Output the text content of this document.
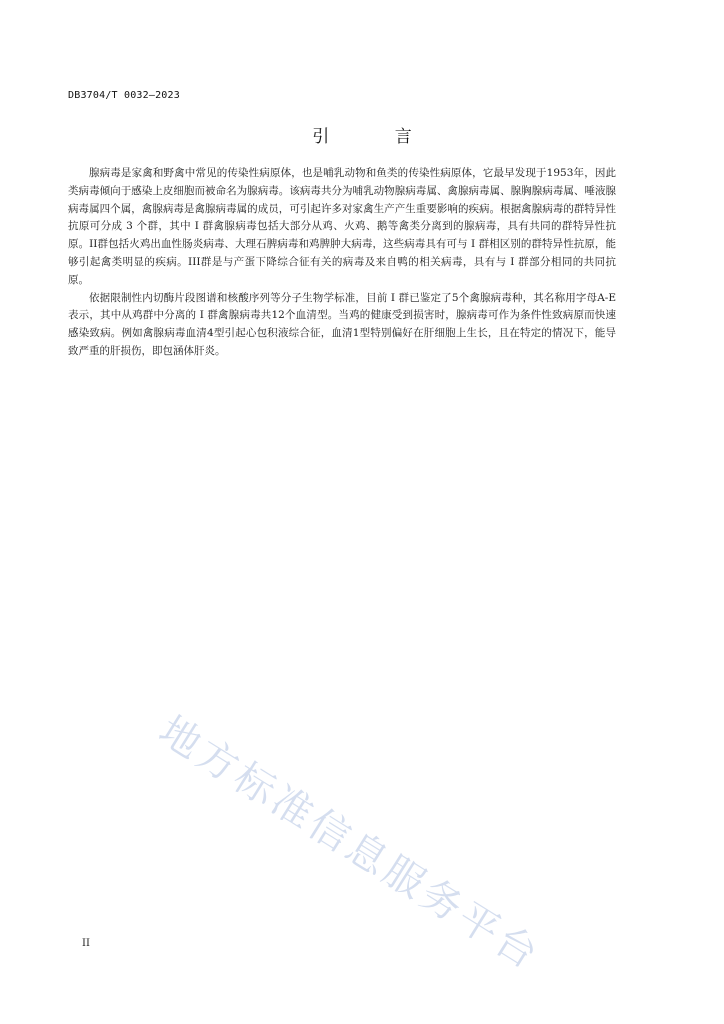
DB3704/T 0032—2023
引 言

腺病毒是家禽和野禽中常见的传染性病原体，也是哺乳动物和鱼类的传染性病原体，它最早发现于1953年，因此类病毒倾向于感染上皮细胞而被命名为腺病毒。该病毒共分为哺乳动物腺病毒属、禽腺病毒属、腺胸腺病毒属、唾液腺病毒属四个属，禽腺病毒是禽腺病毒属的成员，可引起许多对家禽生产产生重要影响的疾病。根据禽腺病毒的群特异性抗原可分成 3 个群，其中 I 群禽腺病毒包括大部分从鸡、火鸡、鹅等禽类分离到的腺病毒，具有共同的群特异性抗原。II群包括火鸡出血性肠炎病毒、大理石脾病毒和鸡脾肿大病毒，这些病毒具有可与 I 群相区别的群特异性抗原，能够引起禽类明显的疾病。III群是与产蛋下降综合征有关的病毒及来自鸭的相关病毒，具有与 I 群部分相同的共同抗原。

依据限制性内切酶片段图谱和核酸序列等分子生物学标准，目前 I 群已鉴定了5个禽腺病毒种，其名称用字母A-E表示，其中从鸡群中分离的 I 群禽腺病毒共12个血清型。当鸡的健康受到损害时，腺病毒可作为条件性致病原而快速感染致病。例如禽腺病毒血清4型引起心包积液综合征，血清1型特别偏好在肝细胞上生长，且在特定的情况下，能导致严重的肝损伤，即包涵体肝炎。

地方标准信息服务平台
II
